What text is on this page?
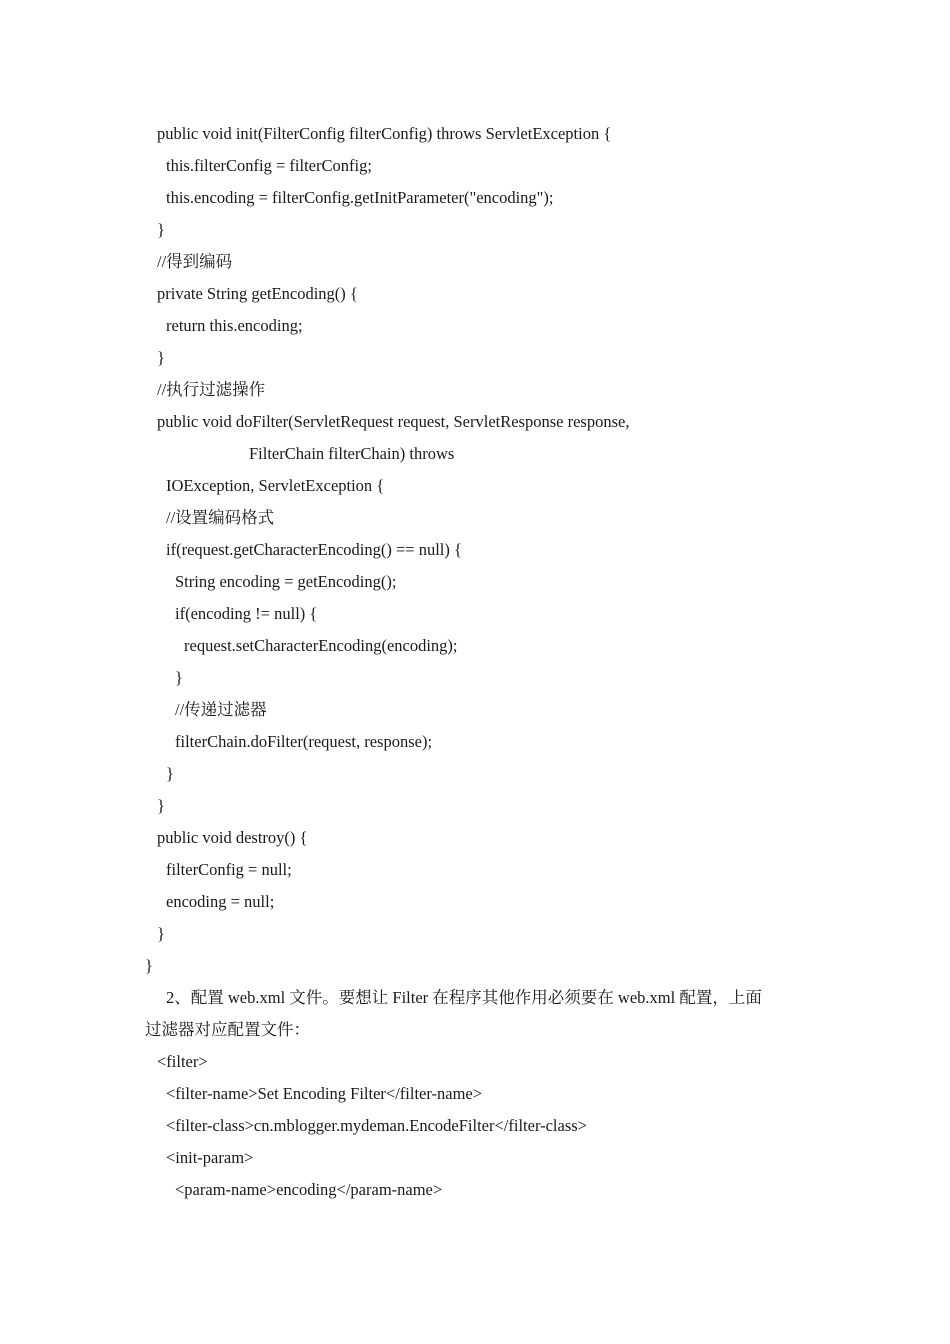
public void init(FilterConfig filterConfig) throws ServletException {
this.filterConfig = filterConfig;
this.encoding = filterConfig.getInitParameter("encoding");
}
//得到编码
private String getEncoding() {
return this.encoding;
}
//执行过滤操作
public void doFilter(ServletRequest request, ServletResponse response,
FilterChain filterChain) throws
IOException, ServletException {
//设置编码格式
if(request.getCharacterEncoding() == null) {
String encoding = getEncoding();
if(encoding != null) {
request.setCharacterEncoding(encoding);
}
//传递过滤器
filterChain.doFilter(request, response);
}
}
public void destroy() {
filterConfig = null;
encoding = null;
}
}
2、配置 web.xml 文件。要想让 Filter 在程序其他作用必须要在 web.xml 配置，上面
过滤器对应配置文件：
<filter>
<filter-name>Set Encoding Filter</filter-name>
<filter-class>cn.mblogger.mydeman.EncodeFilter</filter-class>
<init-param>
<param-name>encoding</param-name>
